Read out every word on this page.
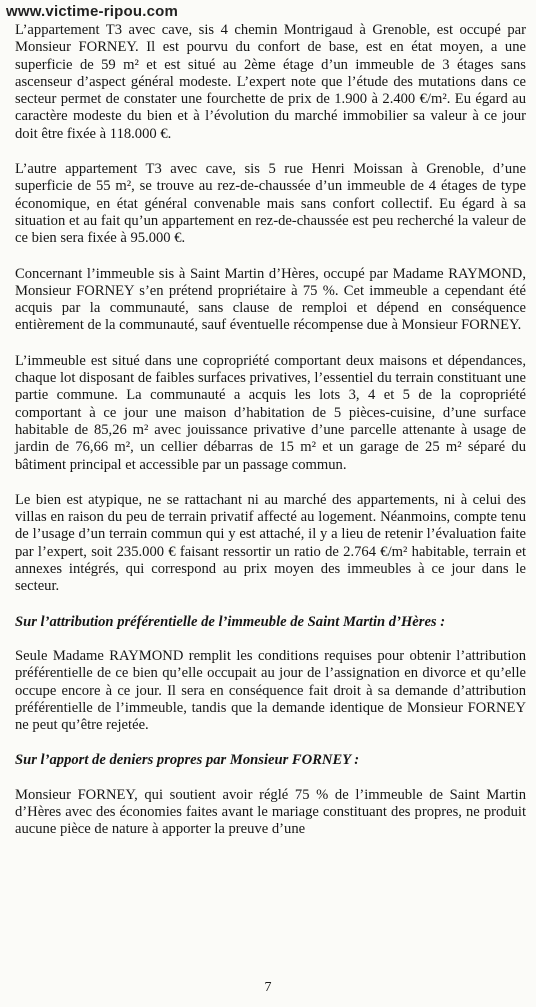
www.victime-ripou.com

L’appartement T3 avec cave, sis 4 chemin Montrigaud à Grenoble, est occupé par Monsieur FORNEY. Il est pourvu du confort de base, est en état moyen, a une superficie de 59 m² et est situé au 2ème étage d’un immeuble de 3 étages sans ascenseur d’aspect général modeste. L’expert note que l’étude des mutations dans ce secteur permet de constater une fourchette de prix de 1.900 à 2.400 €/m². Eu égard au caractère modeste du bien et à l’évolution du marché immobilier sa valeur à ce jour doit être fixée à 118.000 €.

L’autre appartement T3 avec cave, sis 5 rue Henri Moissan à Grenoble, d’une superficie de 55 m², se trouve au rez-de-chaussée d’un immeuble de 4 étages de type économique, en état général convenable mais sans confort collectif. Eu égard à sa situation et au fait qu’un appartement en rez-de-chaussée est peu recherché la valeur de ce bien sera fixée à 95.000 €.

Concernant l’immeuble sis à Saint Martin d’Hères, occupé par Madame RAYMOND, Monsieur FORNEY s’en prétend propriétaire à 75 %. Cet immeuble a cependant été acquis par la communauté, sans clause de remploi et dépend en conséquence entièrement de la communauté, sauf éventuelle récompense due à Monsieur FORNEY.

L’immeuble est situé dans une copropriété comportant deux maisons et dépendances, chaque lot disposant de faibles surfaces privatives, l’essentiel du terrain constituant une partie commune. La communauté a acquis les lots 3, 4 et 5 de la copropriété comportant à ce jour une maison d’habitation de 5 pièces-cuisine, d’une surface habitable de 85,26 m² avec jouissance privative d’une parcelle attenante à usage de jardin de 76,66 m², un cellier débarras de 15 m² et un garage de 25 m² séparé du bâtiment principal et accessible par un passage commun.

Le bien est atypique, ne se rattachant ni au marché des appartements, ni à celui des villas en raison du peu de terrain privatif affecté au logement. Néanmoins, compte tenu de l’usage d’un terrain commun qui y est attaché, il y a lieu de retenir l’évaluation faite par l’expert, soit 235.000 € faisant ressortir un ratio de 2.764 €/m² habitable, terrain et annexes intégrés, qui correspond au prix moyen des immeubles à ce jour dans le secteur.

Sur l’attribution préférentielle de l’immeuble de Saint Martin d’Hères :

Seule Madame RAYMOND remplit les conditions requises pour obtenir l’attribution préférentielle de ce bien qu’elle occupait au jour de l’assignation en divorce et qu’elle occupe encore à ce jour. Il sera en conséquence fait droit à sa demande d’attribution préférentielle de l’immeuble, tandis que la demande identique de Monsieur FORNEY ne peut qu’être rejetée.

Sur l’apport de deniers propres par Monsieur FORNEY :

Monsieur FORNEY, qui soutient avoir réglé 75 % de l’immeuble de Saint Martin d’Hères avec des économies faites avant le mariage constituant des propres, ne produit aucune pièce de nature à apporter la preuve d’une

7
